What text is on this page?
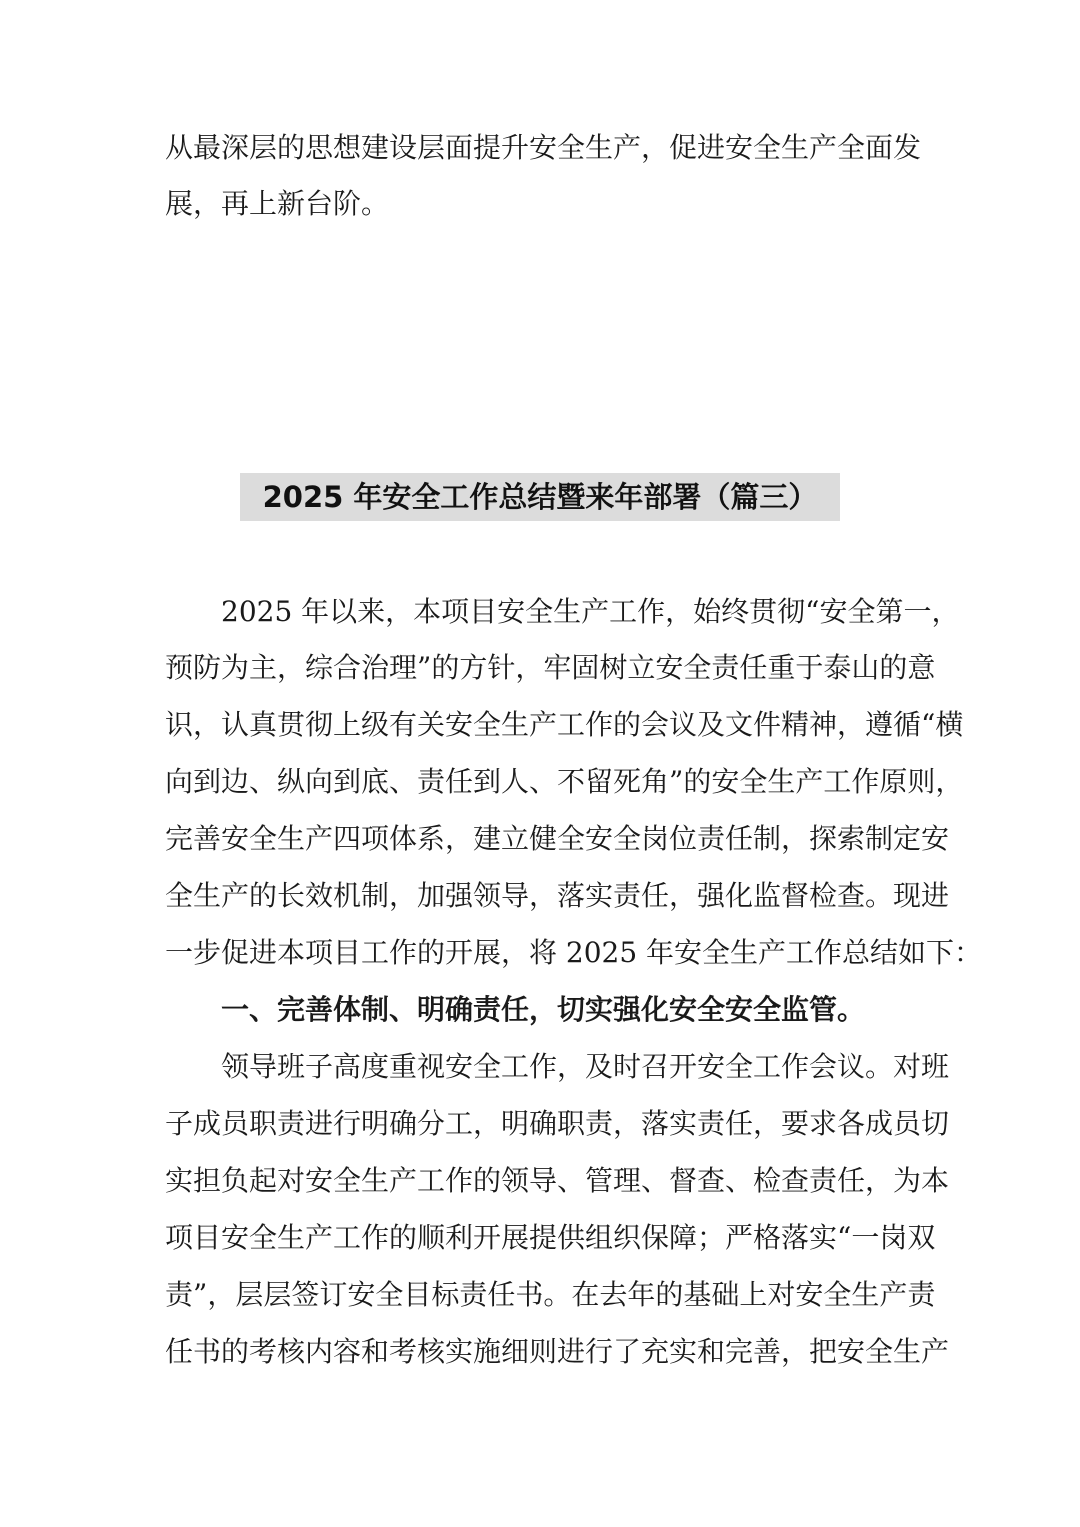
从最深层的思想建设层面提升安全生产，促进安全生产全面发
展，再上新台阶。
2025 年安全工作总结暨来年部署（篇三）
　　2025 年以来，本项目安全生产工作，始终贯彻“安全第一，
预防为主，综合治理”的方针，牢固树立安全责任重于泰山的意
识，认真贯彻上级有关安全生产工作的会议及文件精神，遵循“横
向到边、纵向到底、责任到人、不留死角”的安全生产工作原则，
完善安全生产四项体系，建立健全安全岗位责任制，探索制定安
全生产的长效机制，加强领导，落实责任，强化监督检查。现进
一步促进本项目工作的开展，将 2025 年安全生产工作总结如下：
　　一、完善体制、明确责任，切实强化安全安全监管。
　　领导班子高度重视安全工作，及时召开安全工作会议。对班
子成员职责进行明确分工，明确职责，落实责任，要求各成员切
实担负起对安全生产工作的领导、管理、督查、检查责任，为本
项目安全生产工作的顺利开展提供组织保障；严格落实“一岗双
责”，层层签订安全目标责任书。在去年的基础上对安全生产责
任书的考核内容和考核实施细则进行了充实和完善，把安全生产
